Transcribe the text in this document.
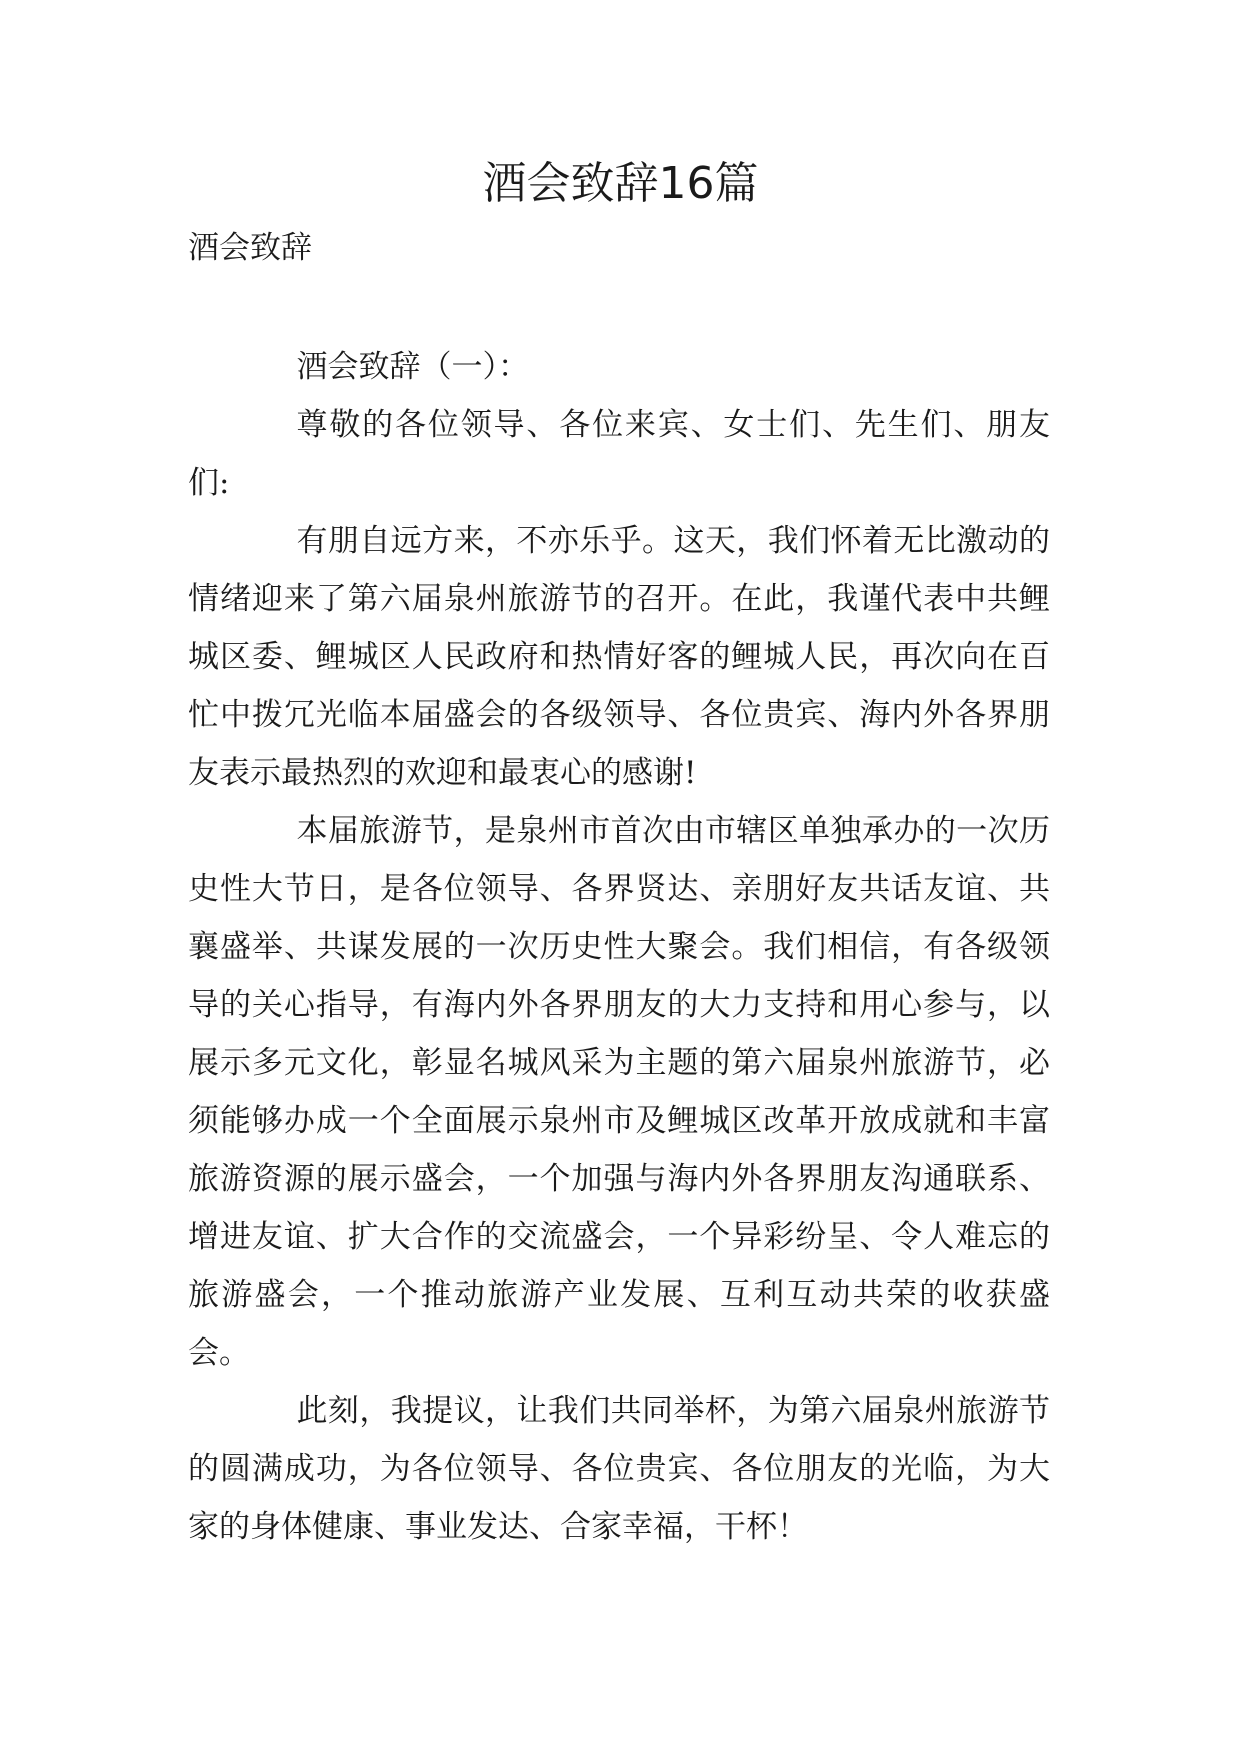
酒会致辞16篇
酒会致辞

酒会致辞（一）：

尊敬的各位领导、各位来宾、女士们、先生们、朋友们:

有朋自远方来，不亦乐乎。这天，我们怀着无比激动的情绪迎来了第六届泉州旅游节的召开。在此，我谨代表中共鲤城区委、鲤城区人民政府和热情好客的鲤城人民，再次向在百忙中拨冗光临本届盛会的各级领导、各位贵宾、海内外各界朋友表示最热烈的欢迎和最衷心的感谢!

本届旅游节，是泉州市首次由市辖区单独承办的一次历史性大节日，是各位领导、各界贤达、亲朋好友共话友谊、共襄盛举、共谋发展的一次历史性大聚会。我们相信，有各级领导的关心指导，有海内外各界朋友的大力支持和用心参与，以展示多元文化，彰显名城风采为主题的第六届泉州旅游节，必须能够办成一个全面展示泉州市及鲤城区改革开放成就和丰富旅游资源的展示盛会，一个加强与海内外各界朋友沟通联系、增进友谊、扩大合作的交流盛会，一个异彩纷呈、令人难忘的旅游盛会，一个推动旅游产业发展、互利互动共荣的收获盛会。

此刻，我提议，让我们共同举杯，为第六届泉州旅游节的圆满成功，为各位领导、各位贵宾、各位朋友的光临，为大家的身体健康、事业发达、合家幸福，干杯！
